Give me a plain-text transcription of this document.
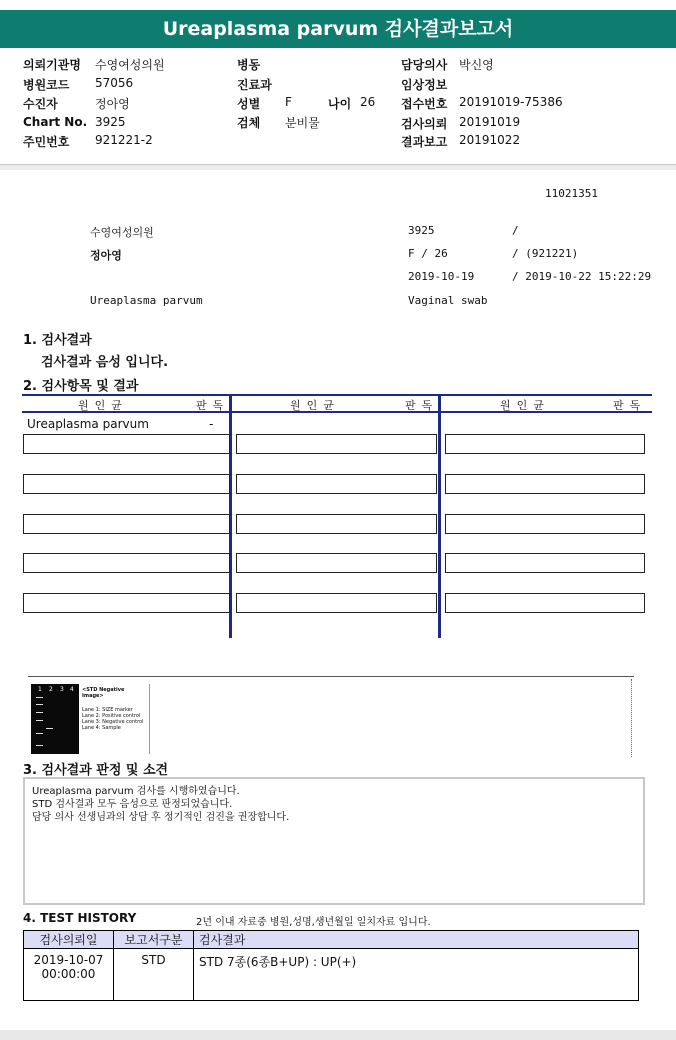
Ureaplasma parvum 검사결과보고서
의뢰기관명 수영여성의원
병원코드 57056
수진자	정아영
Chart No. 3925
주민번호 921221-2
병동
진료과
성별 F	나이 26
검체 분비물
담당의사 박신영
임상정보
접수번호 20191019-75386
검사의뢰 20191019
결과보고 20191022
11021351
수영여성의원	3925	/
정아영	F / 26	/ (921221)
2019-10-19	/ 2019-10-22 15:22:29
Ureaplasma parvum	Vaginal swab
1. 검사결과
검사결과 음성 입니다.
2. 검사항목 및 결과
원인균	판독	원인균	판독	원인균	판독
Ureaplasma parvum	-
1 2 3 4 <STD Negative Image>
Lane 1: SIZE marker
Lane 2: Positive control
Lane 3: Negative control
Lane 4: Sample
3. 검사결과 판정 및 소견
Ureaplasma parvum 검사를 시행하였습니다.
STD 검사결과 모두 음성으로 판정되었습니다.
담당 의사 선생님과의 상담 후 정기적인 검진을 권장합니다.
4. TEST HISTORY	2년 이내 자료중 병원,성명,생년월일 일치자료 입니다.
검사의뢰일	보고서구분	검사결과

2019-10-07
00:00:00	STD	STD 7종(6종B+UP) : UP(+)
